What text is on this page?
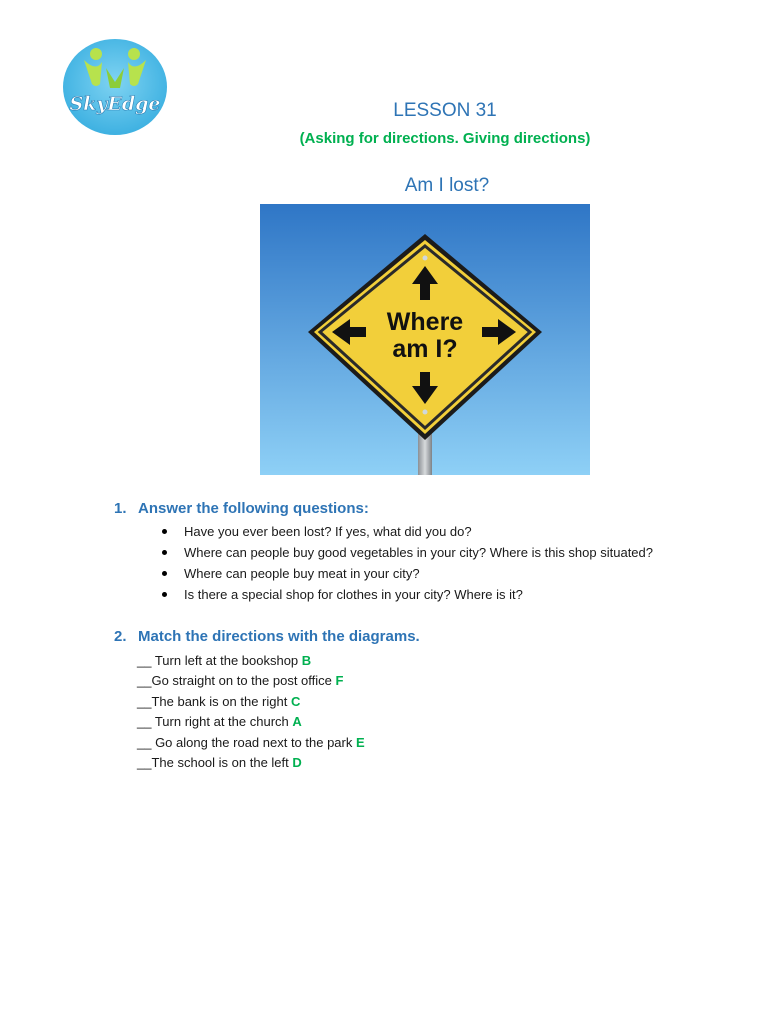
SkyEdge	LESSON 31
(Asking for directions. Giving directions)
Am I lost?
Where
am I?
1. Answer the following questions:
Have you ever been lost? If yes, what did you do?
Where can people buy good vegetables in your city? Where is this shop situated?
Where can people buy meat in your city?
Is there a special shop for clothes in your city? Where is it?
2. Match the directions with the diagrams.
__ Turn left at the bookshop B
__Go straight on to the post office F
__The bank is on the right C
__ Turn right at the church A
__ Go along the road next to the park E
__The school is on the left D
